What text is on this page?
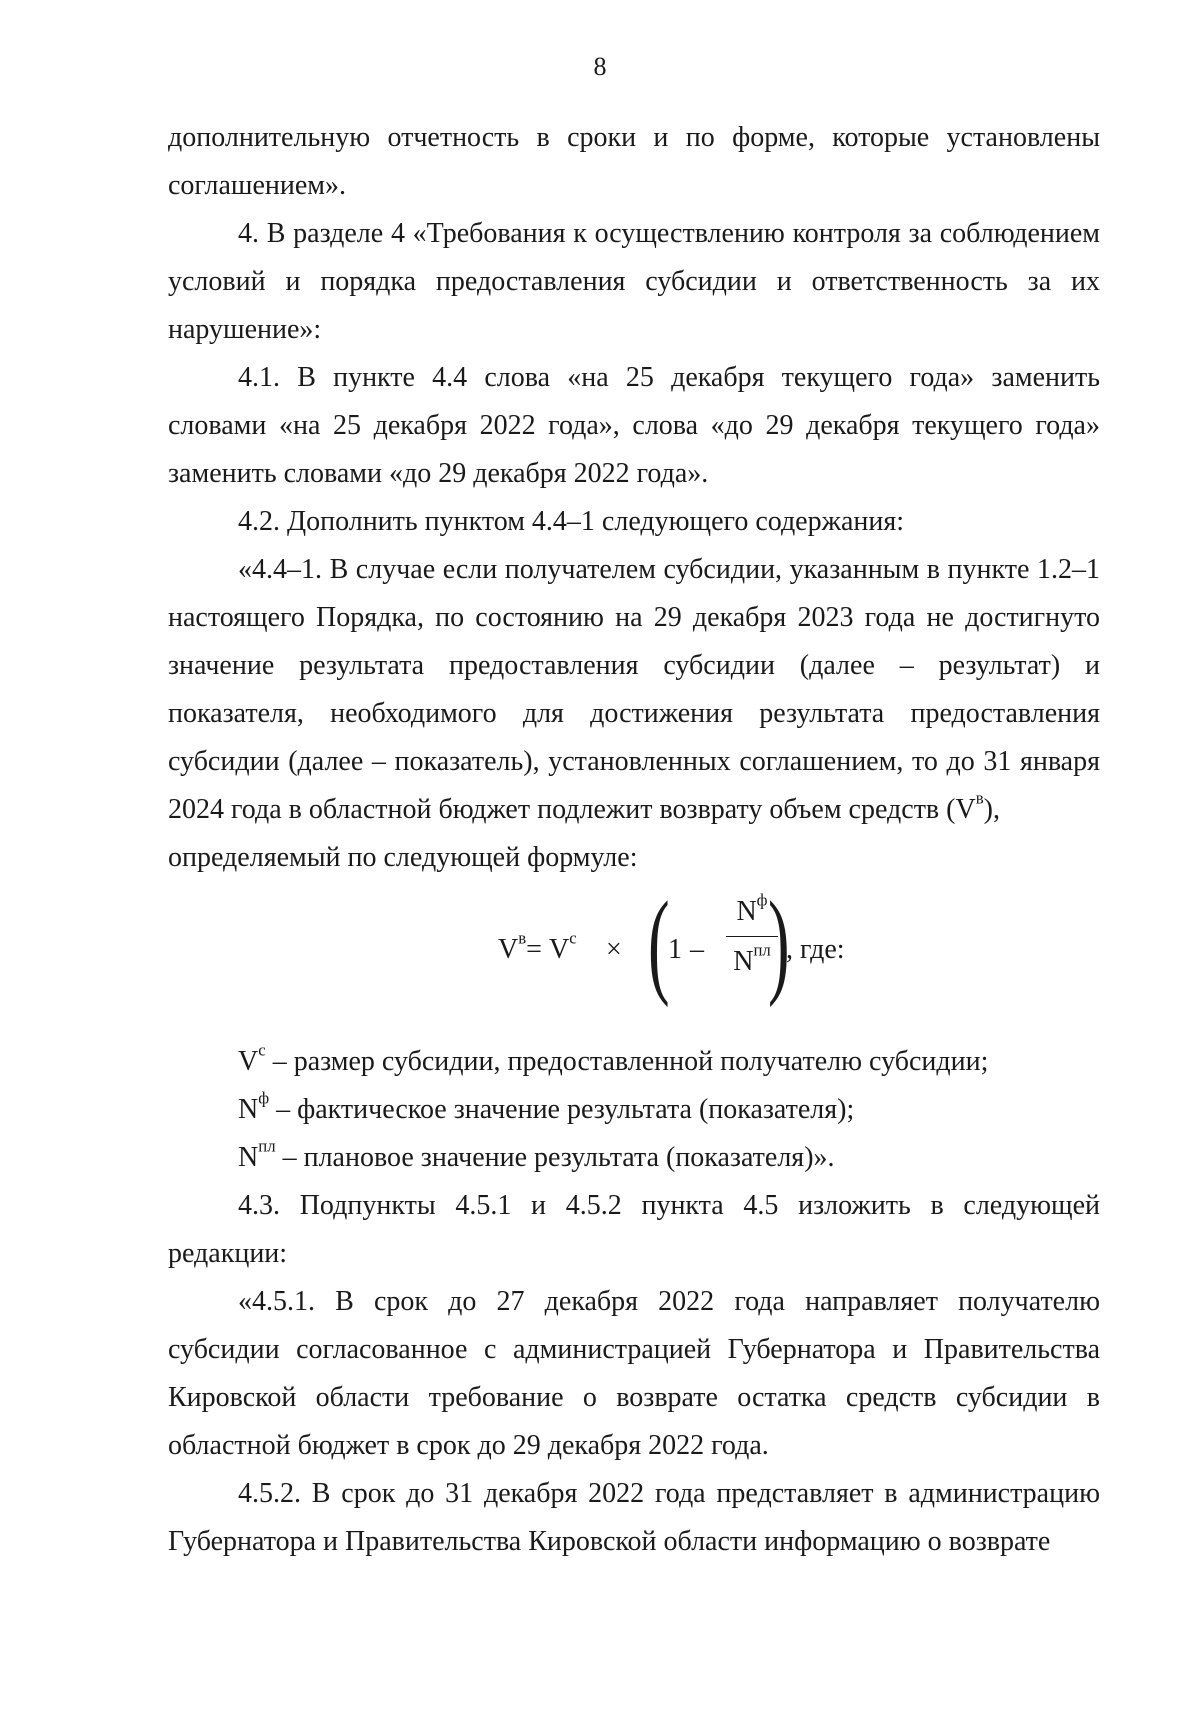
8

дополнительную отчетность в сроки и по форме, которые установлены соглашением».

4. В разделе 4 «Требования к осуществлению контроля за соблюдением условий и порядка предоставления субсидии и ответственность за их нарушение»:

4.1. В пункте 4.4 слова «на 25 декабря текущего года» заменить словами «на 25 декабря 2022 года», слова «до 29 декабря текущего года» заменить словами «до 29 декабря 2022 года».

4.2. Дополнить пунктом 4.4–1 следующего содержания:

«4.4–1. В случае если получателем субсидии, указанным в пункте 1.2–1 настоящего Порядка, по состоянию на 29 декабря 2023 года не достигнуто значение результата предоставления субсидии (далее – результат) и показателя, необходимого для достижения результата предоставления субсидии (далее – показатель), установленных соглашением, то до 31 января 2024 года в областной бюджет подлежит возврату объем средств $(V^в)$,

определяемый по следующей формуле:

$V^в= V^с$ × (
1 –
$N^ф$
$N^{пл}$
)
, где:

$V^с$ – размер субсидии, предоставленной получателю субсидии;

$N^ф$ – фактическое значение результата (показателя);

$N^{пл}$ – плановое значение результата (показателя)».

4.3. Подпункты 4.5.1 и 4.5.2 пункта 4.5 изложить в следующей редакции:

«4.5.1. В срок до 27 декабря 2022 года направляет получателю субсидии согласованное с администрацией Губернатора и Правительства Кировской области требование о возврате остатка средств субсидии в областной бюджет в срок до 29 декабря 2022 года.

4.5.2. В срок до 31 декабря 2022 года представляет в администрацию Губернатора и Правительства Кировской области информацию о возврате
